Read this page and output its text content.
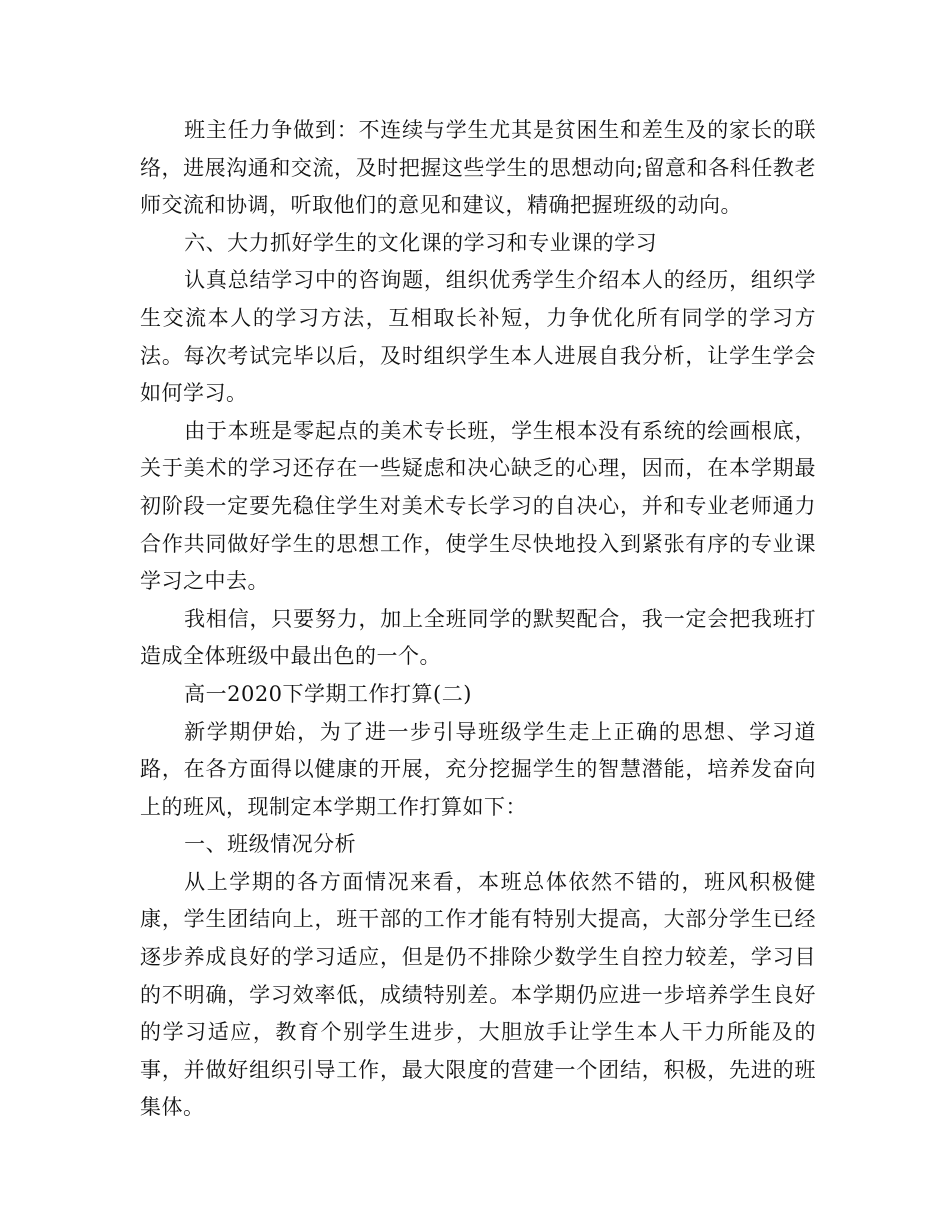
班主任力争做到：不连续与学生尤其是贫困生和差生及的家长的联络，进展沟通和交流，及时把握这些学生的思想动向;留意和各科任教老师交流和协调，听取他们的意见和建议，精确把握班级的动向。

六、大力抓好学生的文化课的学习和专业课的学习

认真总结学习中的咨询题，组织优秀学生介绍本人的经历，组织学生交流本人的学习方法，互相取长补短，力争优化所有同学的学习方法。每次考试完毕以后，及时组织学生本人进展自我分析，让学生学会如何学习。

由于本班是零起点的美术专长班，学生根本没有系统的绘画根底，关于美术的学习还存在一些疑虑和决心缺乏的心理，因而，在本学期最初阶段一定要先稳住学生对美术专长学习的自决心，并和专业老师通力合作共同做好学生的思想工作，使学生尽快地投入到紧张有序的专业课学习之中去。

我相信，只要努力，加上全班同学的默契配合，我一定会把我班打造成全体班级中最出色的一个。

高一2020下学期工作打算(二)

新学期伊始，为了进一步引导班级学生走上正确的思想、学习道路，在各方面得以健康的开展，充分挖掘学生的智慧潜能，培养发奋向上的班风，现制定本学期工作打算如下：

一、班级情况分析

从上学期的各方面情况来看，本班总体依然不错的，班风积极健康，学生团结向上，班干部的工作才能有特别大提高，大部分学生已经逐步养成良好的学习适应，但是仍不排除少数学生自控力较差，学习目的不明确，学习效率低，成绩特别差。本学期仍应进一步培养学生良好的学习适应，教育个别学生进步，大胆放手让学生本人干力所能及的事，并做好组织引导工作，最大限度的营建一个团结，积极，先进的班集体。
